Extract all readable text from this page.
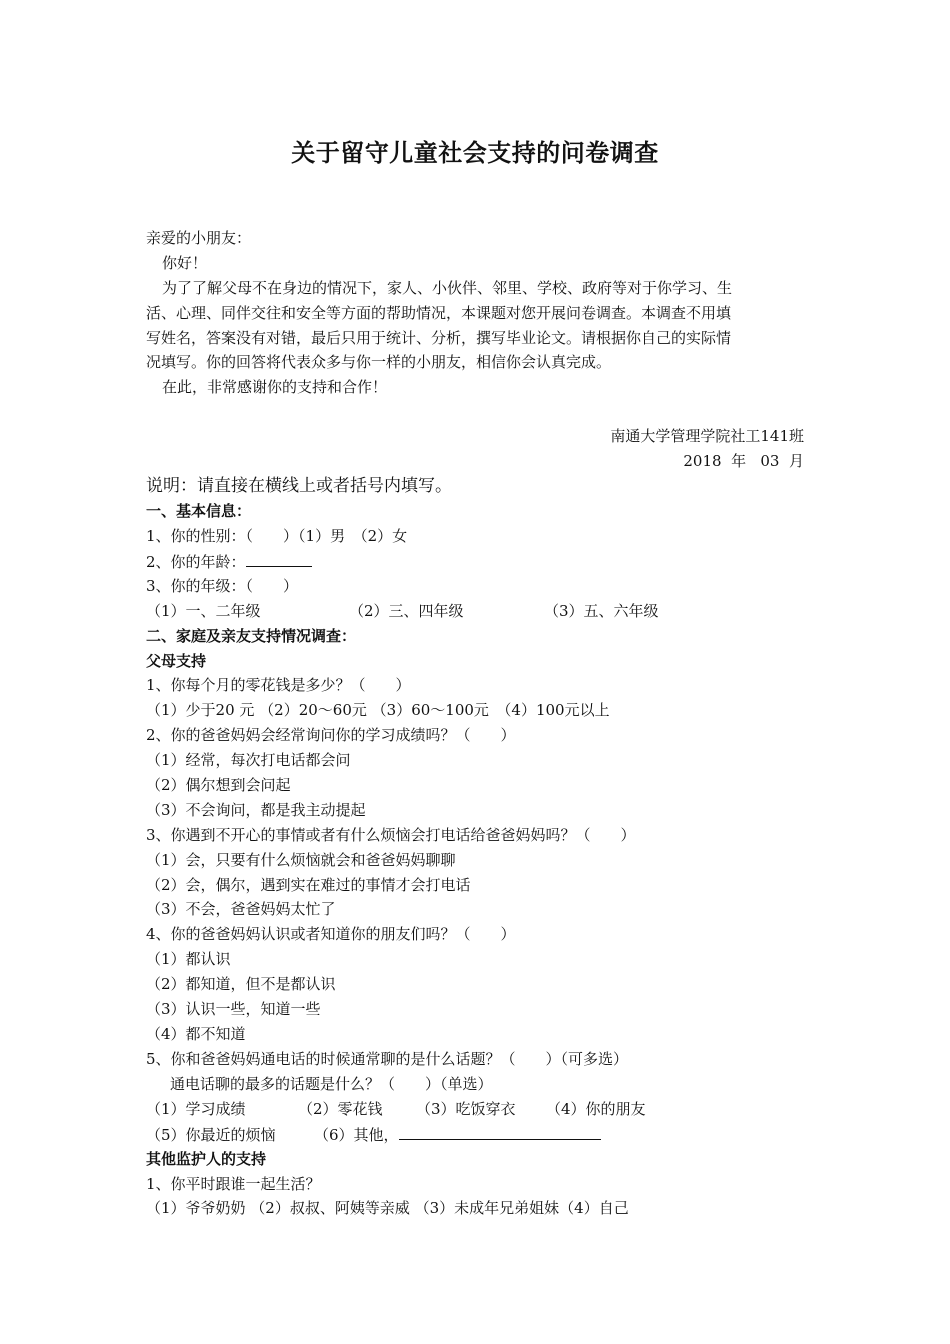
关于留守儿童社会支持的问卷调查
亲爱的小朋友：
你好！
为了了解父母不在身边的情况下，家人、小伙伴、邻里、学校、政府等对于你学习、生
活、心理、同伴交往和安全等方面的帮助情况，本课题对您开展问卷调查。本调查不用填
写姓名，答案没有对错，最后只用于统计、分析，撰写毕业论文。请根据你自己的实际情
况填写。你的回答将代表众多与你一样的小朋友，相信你会认真完成。
在此，非常感谢你的支持和合作！
南通大学管理学院社工141班
2018  年   03  月
说明：请直接在横线上或者括号内填写。
一、基本信息：
1、你的性别：（　　）（1）男　（2）女
2、你的年龄：
3、你的年级：（　　）
（1）一、二年级	（2）三、四年级	（3）五、六年级
二、家庭及亲友支持情况调查：
父母支持
1、你每个月的零花钱是多少？（　　）
（1）少于20 元 （2）20～60元 （3）60～100元　（4）100元以上
2、你的爸爸妈妈会经常询问你的学习成绩吗？（　　）
（1）经常，每次打电话都会问
（2）偶尔想到会问起
（3）不会询问，都是我主动提起
3、你遇到不开心的事情或者有什么烦恼会打电话给爸爸妈妈吗？（　　）
（1）会，只要有什么烦恼就会和爸爸妈妈聊聊
（2）会，偶尔，遇到实在难过的事情才会打电话
（3）不会，爸爸妈妈太忙了
4、你的爸爸妈妈认识或者知道你的朋友们吗？（　　）
（1）都认识
（2）都知道，但不是都认识
（3）认识一些，知道一些
（4）都不知道
5、你和爸爸妈妈通电话的时候通常聊的是什么话题？（　　）（可多选）
通电话聊的最多的话题是什么？（　　）（单选）
（1）学习成绩	（2）零花钱 （3）吃饭穿衣 （4）你的朋友
（5）你最近的烦恼	（6）其他，
其他监护人的支持
1、你平时跟谁一起生活？
（1）爷爷奶奶 （2）叔叔、阿姨等亲威 （3）未成年兄弟姐妹（4）自己
